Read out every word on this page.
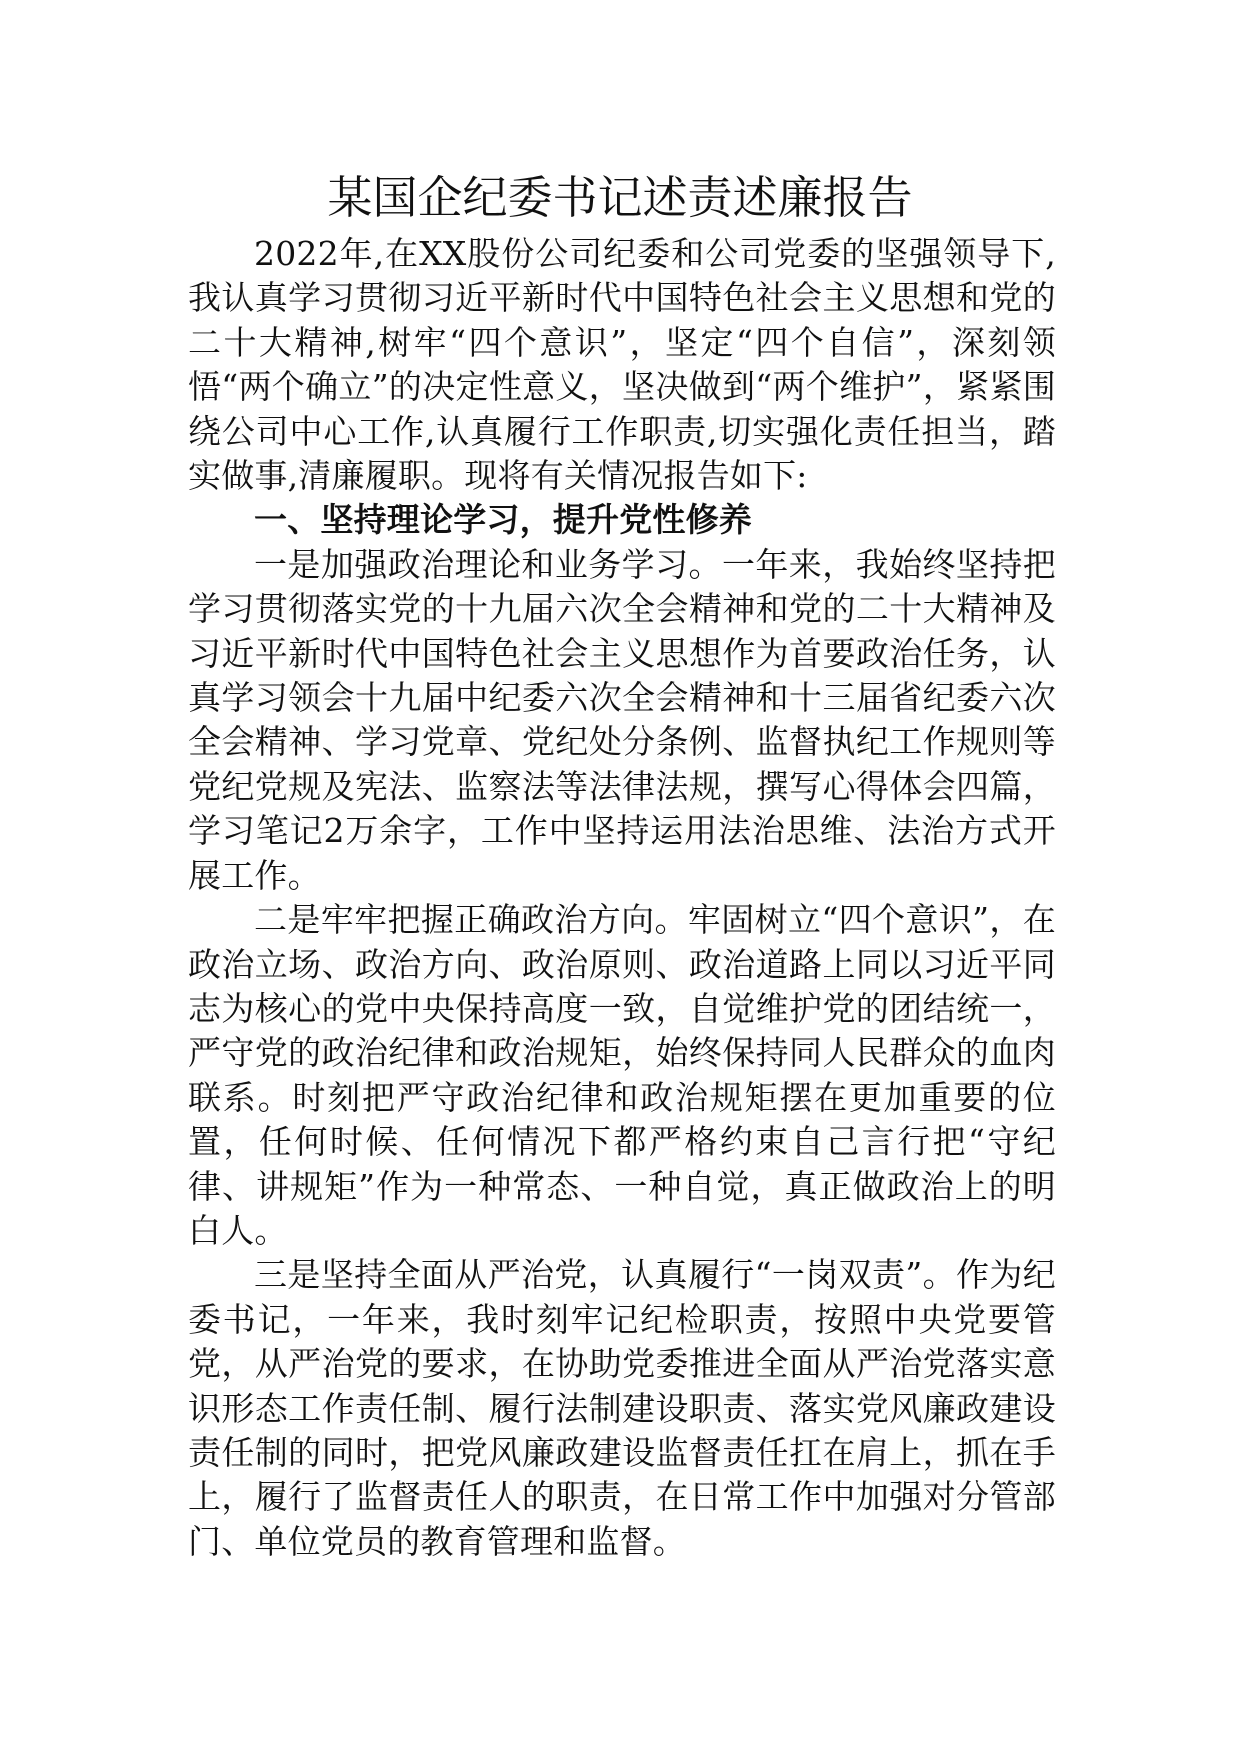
某国企纪委书记述责述廉报告

2022年,在XX股份公司纪委和公司党委的坚强领导下,我认真学习贯彻习近平新时代中国特色社会主义思想和党的二十大精神,树牢“四个意识”，坚定“四个自信”，深刻领悟“两个确立”的决定性意义，坚决做到“两个维护”，紧紧围绕公司中心工作,认真履行工作职责,切实强化责任担当，踏实做事,清廉履职。现将有关情况报告如下:

一、坚持理论学习，提升党性修养

一是加强政治理论和业务学习。一年来，我始终坚持把学习贯彻落实党的十九届六次全会精神和党的二十大精神及习近平新时代中国特色社会主义思想作为首要政治任务，认真学习领会十九届中纪委六次全会精神和十三届省纪委六次全会精神、学习党章、党纪处分条例、监督执纪工作规则等党纪党规及宪法、监察法等法律法规，撰写心得体会四篇，学习笔记2万余字，工作中坚持运用法治思维、法治方式开展工作。

二是牢牢把握正确政治方向。牢固树立“四个意识”，在政治立场、政治方向、政治原则、政治道路上同以习近平同志为核心的党中央保持高度一致，自觉维护党的团结统一，严守党的政治纪律和政治规矩，始终保持同人民群众的血肉联系。时刻把严守政治纪律和政治规矩摆在更加重要的位置，任何时候、任何情况下都严格约束自己言行把“守纪律、讲规矩”作为一种常态、一种自觉，真正做政治上的明白人。

三是坚持全面从严治党，认真履行“一岗双责”。作为纪委书记，一年来，我时刻牢记纪检职责，按照中央党要管党，从严治党的要求，在协助党委推进全面从严治党落实意识形态工作责任制、履行法制建设职责、落实党风廉政建设责任制的同时，把党风廉政建设监督责任扛在肩上，抓在手上，履行了监督责任人的职责，在日常工作中加强对分管部门、单位党员的教育管理和监督。
